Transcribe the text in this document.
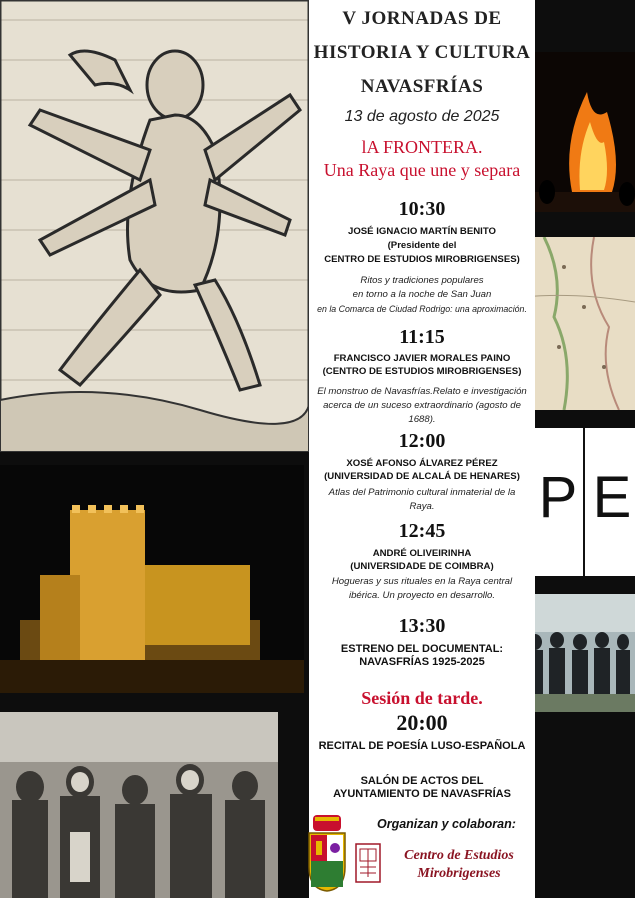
P E
V JORNADAS DE
HISTORIA Y CULTURA
NAVASFRÍAS
13 de agosto de 2025
lA FRONTERA.
Una Raya que une y separa
10:30
JOSÉ IGNACIO MARTÍN BENITO
(Presidente del
CENTRO DE ESTUDIOS MIROBRIGENSES)
Ritos y tradiciones populares
en torno a la noche de San Juan
en la Comarca de Ciudad Rodrigo: una aproximación.
11:15
FRANCISCO JAVIER MORALES PAINO
(CENTRO DE ESTUDIOS MIROBRIGENSES)
El monstruo de Navasfrías.Relato e investigación
acerca de un suceso extraordinario (agosto de
1688).
12:00
XOSÉ AFONSO ÁLVAREZ PÉREZ
(UNIVERSIDAD DE ALCALÁ DE HENARES)
Atlas del Patrimonio cultural inmaterial de la
Raya.
12:45
ANDRÉ OLIVEIRINHA
(UNIVERSIDADE DE COIMBRA)
Hogueras y sus rituales en la Raya central
ibérica. Un proyecto en desarrollo.
13:30
ESTRENO DEL DOCUMENTAL:
NAVASFRÍAS 1925-2025
Sesión de tarde.
20:00
RECITAL DE POESÍA LUSO-ESPAÑOLA
SALÓN DE ACTOS DEL
AYUNTAMIENTO DE NAVASFRÍAS
Organizan y colaboran:
Centro de Estudios
Mirobrigenses
